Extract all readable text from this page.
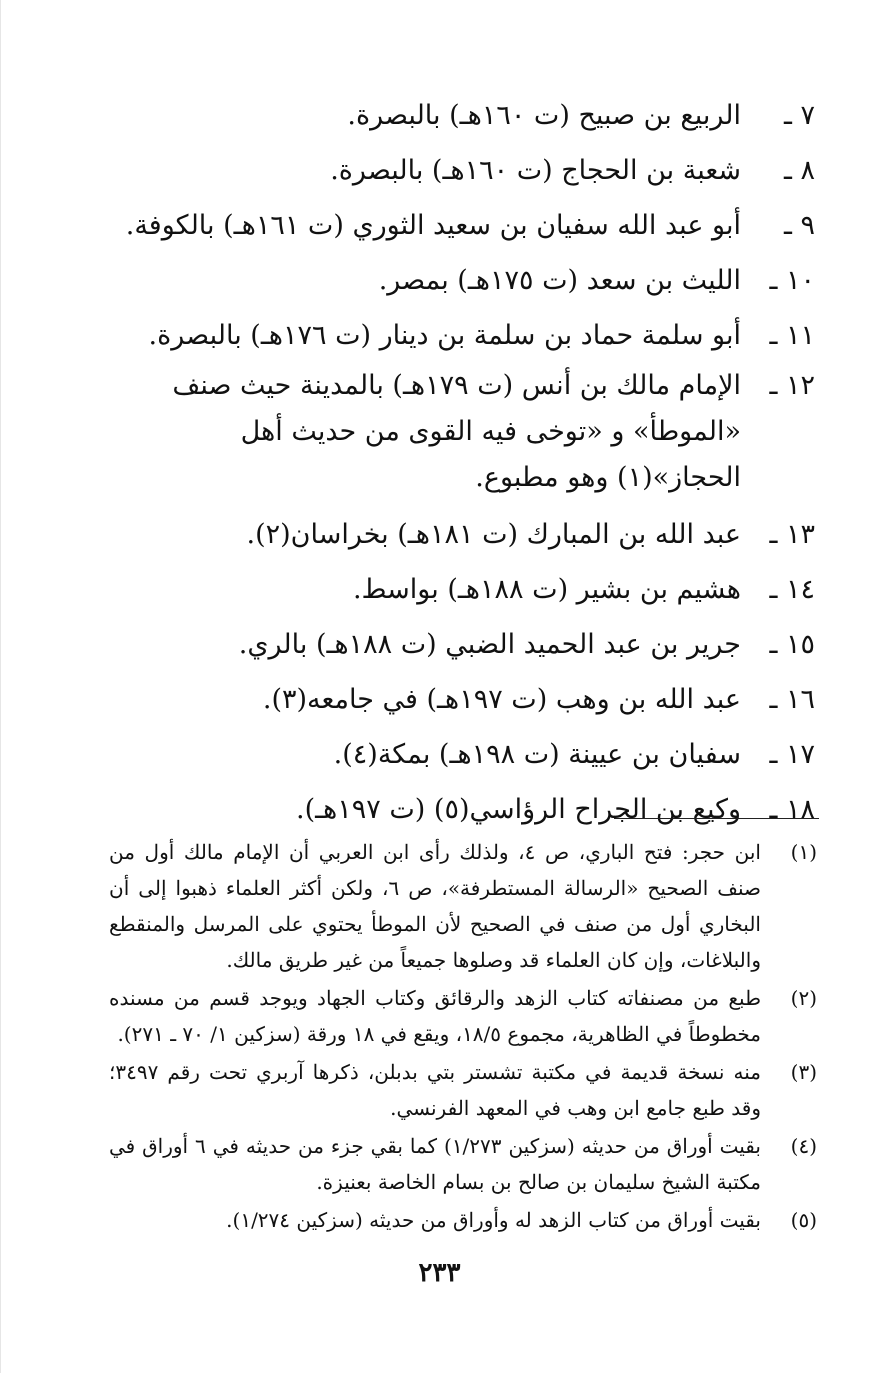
٧ ـ
الربيع بن صبيح (ت ١٦٠هـ) بالبصرة.
٨ ـ
شعبة بن الحجاج (ت ١٦٠هـ) بالبصرة.
٩ ـ
أبو عبد الله سفيان بن سعيد الثوري (ت ١٦١هـ) بالكوفة.
١٠ ـ
الليث بن سعد (ت ١٧٥هـ) بمصر.
١١ ـ
أبو سلمة حماد بن سلمة بن دينار (ت ١٧٦هـ) بالبصرة.
١٢ ـ
الإمام مالك بن أنس (ت ١٧٩هـ) بالمدينة حيث صنف «الموطأ» و «توخى فيه القوى من حديث أهل الحجاز»(١) وهو مطبوع.
١٣ ـ
عبد الله بن المبارك (ت ١٨١هـ) بخراسان(٢).
١٤ ـ
هشيم بن بشير (ت ١٨٨هـ) بواسط.
١٥ ـ
جرير بن عبد الحميد الضبي (ت ١٨٨هـ) بالري.
١٦ ـ
عبد الله بن وهب (ت ١٩٧هـ) في جامعه(٣).
١٧ ـ
سفيان بن عيينة (ت ١٩٨هـ) بمكة(٤).
١٨ ـ
وكيع بن الجراح الرؤاسي(٥) (ت ١٩٧هـ).
(١)
ابن حجر: فتح الباري، ص ٤، ولذلك رأى ابن العربي أن الإمام مالك أول من صنف الصحيح «الرسالة المستطرفة»، ص ٦، ولكن أكثر العلماء ذهبوا إلى أن البخاري أول من صنف في الصحيح لأن الموطأ يحتوي على المرسل والمنقطع والبلاغات، وإن كان العلماء قد وصلوها جميعاً من غير طريق مالك.
(٢)
طبع من مصنفاته كتاب الزهد والرقائق وكتاب الجهاد ويوجد قسم من مسنده مخطوطاً في الظاهرية، مجموع ١٨/٥، ويقع في ١٨ ورقة (سزكين ١/ ٧٠ ـ ٢٧١).
(٣)
منه نسخة قديمة في مكتبة تشستر بتي بدبلن، ذكرها آربري تحت رقم ٣٤٩٧؛ وقد طبع جامع ابن وهب في المعهد الفرنسي.
(٤)
بقيت أوراق من حديثه (سزكين ١/٢٧٣) كما بقي جزء من حديثه في ٦ أوراق في مكتبة الشيخ سليمان بن صالح بن بسام الخاصة بعنيزة.
(٥)
بقيت أوراق من كتاب الزهد له وأوراق من حديثه (سزكين ١/٢٧٤).
٢٣٣
